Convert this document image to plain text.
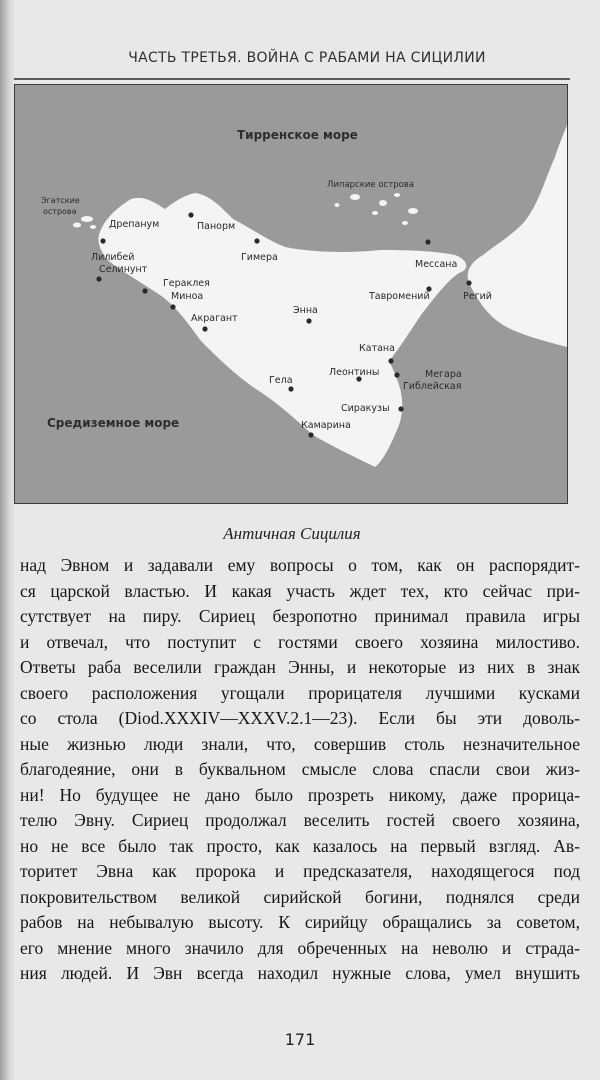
ЧАСТЬ ТРЕТЬЯ. ВОЙНА С РАБАМИ НА СИЦИЛИИ
Тирренское море
Средиземное море
Эгатские
острова
Липарские острова
Дрепанум	Панорм
Лилибей
Селинунт
Гимера
Гераклея
Миноа
Акрагант
Энна
Мессана
Тавромений	Регий
Катана
Леонтины
Гела
Мегара
Гиблейская
Сиракузы
Камарина
Античная Сицилия
над Эвном и задавали ему вопросы о том, как он распорядит-
ся царской властью. И какая участь ждет тех, кто сейчас при-
сутствует на пиру. Сириец безропотно принимал правила игры
и отвечал, что поступит с гостями своего хозяина милостиво.
Ответы раба веселили граждан Энны, и некоторые из них в знак
своего расположения угощали прорицателя лучшими кусками
со стола (Diod.XXXIV—XXXV.2.1—23). Если бы эти доволь-
ные жизнью люди знали, что, совершив столь незначительное
благодеяние, они в буквальном смысле слова спасли свои жиз-
ни! Но будущее не дано было прозреть никому, даже прорица-
телю Эвну. Сириец продолжал веселить гостей своего хозяина,
но не все было так просто, как казалось на первый взгляд. Ав-
торитет Эвна как пророка и предсказателя, находящегося под
покровительством великой сирийской богини, поднялся среди
рабов на небывалую высоту. К сирийцу обращались за советом,
его мнение много значило для обреченных на неволю и страда-
ния людей. И Эвн всегда находил нужные слова, умел внушить
171
